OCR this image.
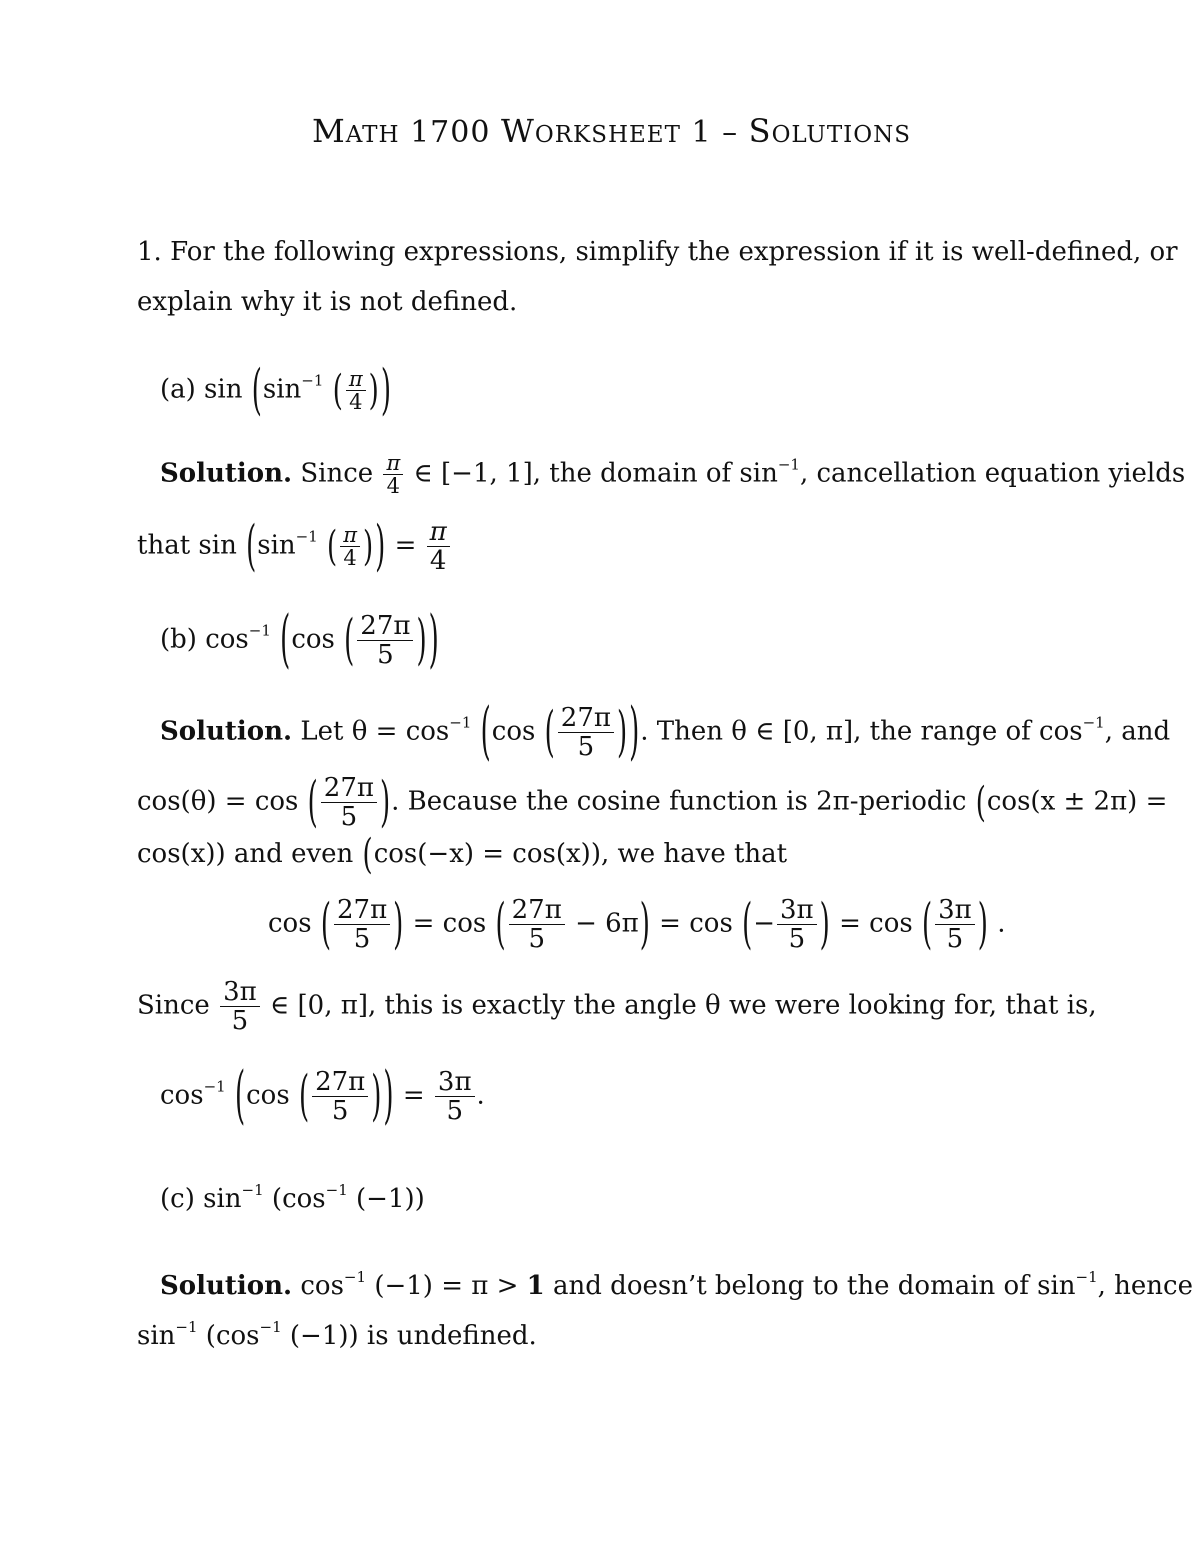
MATH 1700 WORKSHEET 1 – SOLUTIONS
1. For the following expressions, simplify the expression if it is well-defined, or
explain why it is not defined.
(a) $\sin (\sin^{-1}$ ( $\frac{\pi}{4}$ ))
Solution. Since $\frac{\pi}{4}$ ∈ [−1, 1], the domain of $\sin^{-1}$, cancellation equation yields
that $\sin (\sin^{-1}$ ( $\frac{\pi}{4}$ )) = $\frac{\pi}{4}$
(b) $\cos^{-1} (\cos$ ( $\frac{27\pi}{5}$ ))
Solution. Let $\theta = \cos^{-1} (\cos$ ( $\frac{27\pi}{5}$ )). Then θ ∈ [0, π], the range of $\cos^{-1}$, and
cos(θ) = cos ( $\frac{27\pi}{5}$ ). Because the cosine function is 2π-periodic (cos(x ± 2π) =
cos(x)) and even (cos(−x) = cos(x)), we have that
cos ( $\frac{27\pi}{5}$ ) = cos ( $\frac{27\pi}{5} - 6\pi) = \cos$ (− $\frac{3\pi}{5}$ ) = cos ( $\frac{3\pi}{5}$ ) .
Since $\frac{3\pi}{5}$ ∈ [0, π], this is exactly the angle θ we were looking for, that is,
$\cos^{-1} (\cos$ ( $\frac{27\pi}{5}$ )) = $\frac{3\pi}{5}$ .
(c) $\sin^{-1} (\cos^{-1}$ (−1))
Solution. $\cos^{-1} (-1) = \pi > 1$ and doesn’t belong to the domain of $\sin^{-1}$, hence
$\sin^{-1} (\cos^{-1}$ (−1)) is undefined.
